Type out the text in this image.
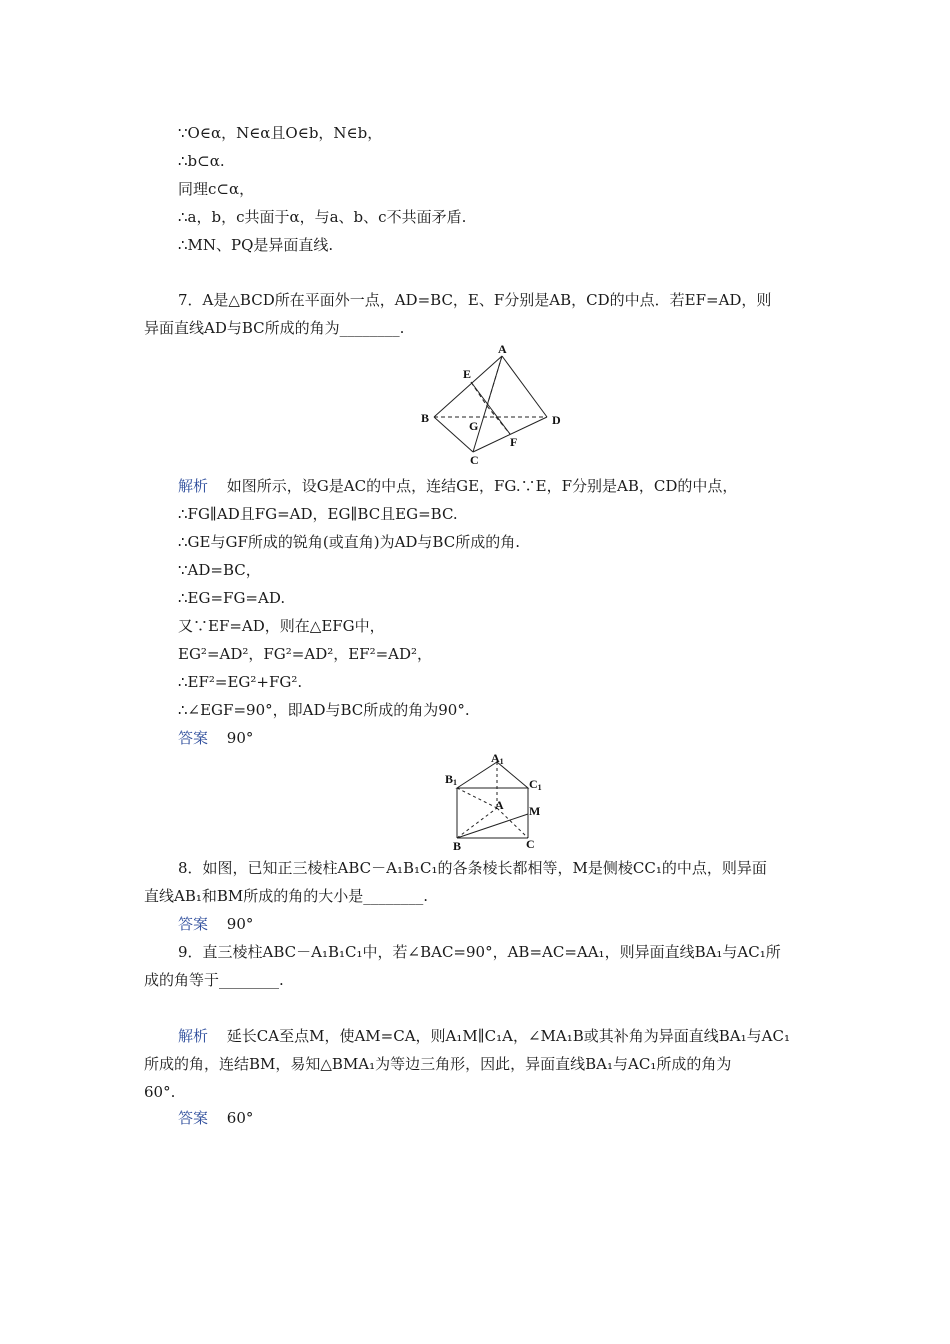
∵O∈α，N∈α且O∈b，N∈b，
∴b⊂α.
同理c⊂α，
∴a，b，c共面于α，与a、b、c不共面矛盾.
∴MN、PQ是异面直线.
7．A是△BCD所在平面外一点，AD=BC，E、F分别是AB，CD的中点．若EF=AD，则
异面直线AD与BC所成的角为________.
A
E
B	D
G
F
C
解析 如图所示，设G是AC的中点，连结GE，FG.∵E，F分别是AB，CD的中点，
∴FG∥AD且FG=AD，EG∥BC且EG=BC.
∴GE与GF所成的锐角(或直角)为AD与BC所成的角.
∵AD=BC，
∴EG=FG=AD.
又∵EF=AD，则在△EFG中，
EG²=AD²，FG²=AD²，EF²=AD²，
∴EF²=EG²+FG².
∴∠EGF=90°，即AD与BC所成的角为90°.
答案 90°
A1
B1	C1
A M
B	C
8．如图，已知正三棱柱ABC－A₁B₁C₁的各条棱长都相等，M是侧棱CC₁的中点，则异面
直线AB₁和BM所成的角的大小是________.
答案 90°
9．直三棱柱ABC－A₁B₁C₁中，若∠BAC=90°，AB=AC=AA₁，则异面直线BA₁与AC₁所
成的角等于________.
解析 延长CA至点M，使AM=CA，则A₁M∥C₁A，∠MA₁B或其补角为异面直线BA₁与AC₁
所成的角，连结BM，易知△BMA₁为等边三角形，因此，异面直线BA₁与AC₁所成的角为
60°.
答案 60°
